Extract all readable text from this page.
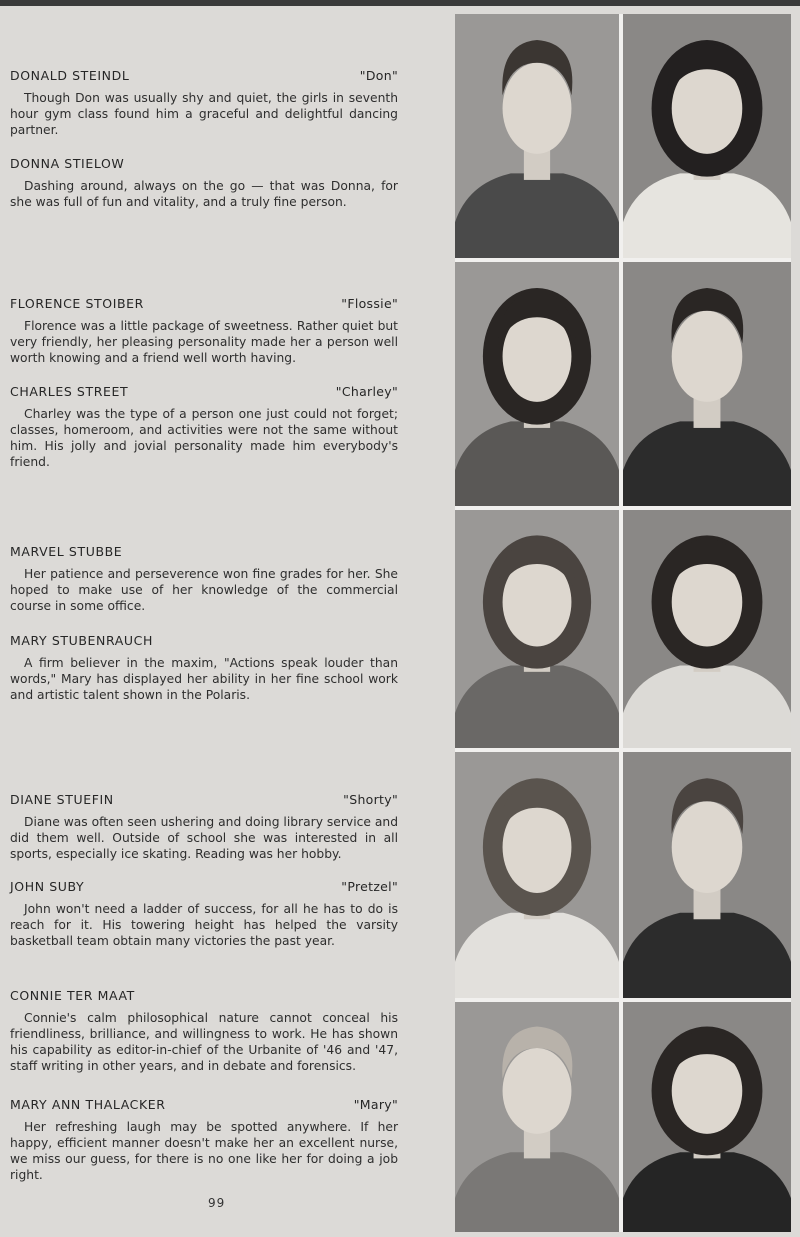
DONALD STEINDL	"Don"

Though Don was usually shy and quiet, the girls in seventh hour gym class found him a graceful and delightful dancing partner.

DONNA STIELOW

Dashing around, always on the go — that was Donna, for she was full of fun and vitality, and a truly fine person.

FLORENCE STOIBER	"Flossie"

Florence was a little package of sweetness. Rather quiet but very friendly, her pleasing personality made her a person well worth knowing and a friend well worth having.

CHARLES STREET	"Charley"

Charley was the type of a person one just could not forget; classes, homeroom, and activities were not the same without him. His jolly and jovial personality made him everybody's friend.

MARVEL STUBBE

Her patience and perseverence won fine grades for her. She hoped to make use of her knowledge of the commercial course in some office.

MARY STUBENRAUCH

A firm believer in the maxim, "Actions speak louder than words," Mary has displayed her ability in her fine school work and artistic talent shown in the Polaris.

DIANE STUEFIN	"Shorty"

Diane was often seen ushering and doing library service and did them well. Outside of school she was interested in all sports, especially ice skating. Reading was her hobby.

JOHN SUBY	"Pretzel"

John won't need a ladder of success, for all he has to do is reach for it. His towering height has helped the varsity basketball team obtain many victories the past year.

CONNIE TER MAAT

Connie's calm philosophical nature cannot conceal his friendliness, brilliance, and willingness to work. He has shown his capability as editor-in-chief of the Urbanite of '46 and '47, staff writing in other years, and in debate and forensics.

MARY ANN THALACKER	"Mary"

Her refreshing laugh may be spotted anywhere. If her happy, efficient manner doesn't make her an excellent nurse, we miss our guess, for there is no one like her for doing a job right.

99
